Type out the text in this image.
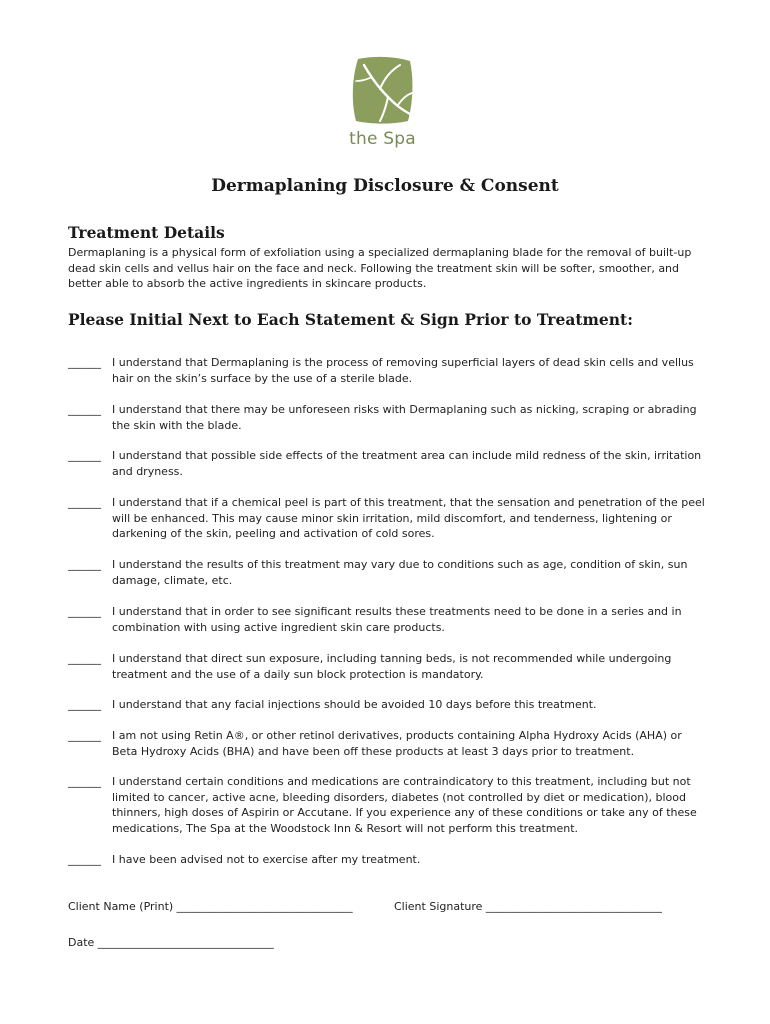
the Spa
Dermaplaning Disclosure & Consent
Treatment Details
Dermaplaning is a physical form of exfoliation using a specialized dermaplaning blade for the removal of built-up dead skin cells and vellus hair on the face and neck. Following the treatment skin will be softer, smoother, and better able to absorb the active ingredients in skincare products.
Please Initial Next to Each Statement & Sign Prior to Treatment:
______	I understand that Dermaplaning is the process of removing superficial layers of dead skin cells and vellus hair on the skin’s surface by the use of a sterile blade.
______	I understand that there may be unforeseen risks with Dermaplaning such as nicking, scraping or abrading the skin with the blade.
______	I understand that possible side effects of the treatment area can include mild redness of the skin, irritation and dryness.
______	I understand that if a chemical peel is part of this treatment, that the sensation and penetration of the peel will be enhanced. This may cause minor skin irritation, mild discomfort, and tenderness, lightening or darkening of the skin, peeling and activation of cold sores.
______	I understand the results of this treatment may vary due to conditions such as age, condition of skin, sun damage, climate, etc.
______	I understand that in order to see significant results these treatments need to be done in a series and in combination with using active ingredient skin care products.
______	I understand that direct sun exposure, including tanning beds, is not recommended while undergoing treatment and the use of a daily sun block protection is mandatory.
______	I understand that any facial injections should be avoided 10 days before this treatment.
______	I am not using Retin A®, or other retinol derivatives, products containing Alpha Hydroxy Acids (AHA) or Beta Hydroxy Acids (BHA) and have been off these products at least 3 days prior to treatment.
______	I understand certain conditions and medications are contraindicatory to this treatment, including but not limited to cancer, active acne, bleeding disorders, diabetes (not controlled by diet or medication), blood thinners, high doses of Aspirin or Accutane. If you experience any of these conditions or take any of these medications, The Spa at the Woodstock Inn & Resort will not perform this treatment.
______	I have been advised not to exercise after my treatment.
Client Name (Print) ________________________________	Client Signature ________________________________
Date ________________________________
